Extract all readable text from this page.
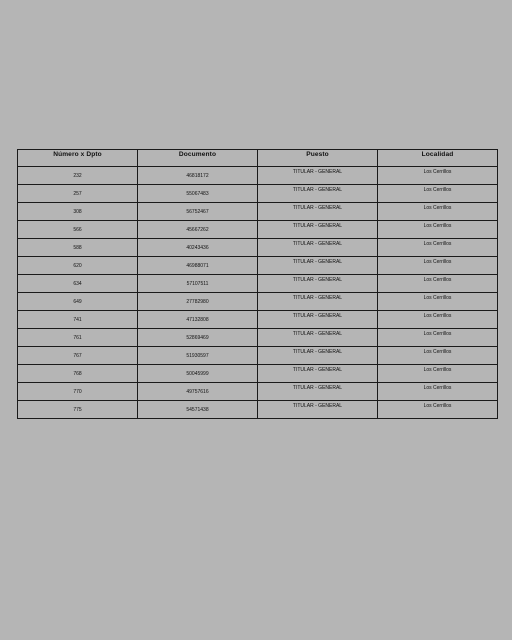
Número x Dpto	Documento	Puesto	Localidad
232	46818172	TITULAR - GENERAL	Los Cerrillos
257	55067483	TITULAR - GENERAL	Los Cerrillos
308	56752467	TITULAR - GENERAL	Los Cerrillos
566	45667262	TITULAR - GENERAL	Los Cerrillos
588	40243436	TITULAR - GENERAL	Los Cerrillos
620	46988071	TITULAR - GENERAL	Los Cerrillos
634	57107511	TITULAR - GENERAL	Los Cerrillos
649	27782980	TITULAR - GENERAL	Los Cerrillos
741	47132808	TITULAR - GENERAL	Los Cerrillos
761	52869469	TITULAR - GENERAL	Los Cerrillos
767	51930597	TITULAR - GENERAL	Los Cerrillos
768	50045999	TITULAR - GENERAL	Los Cerrillos
770	49757616	TITULAR - GENERAL	Los Cerrillos
775	54571438	TITULAR - GENERAL	Los Cerrillos
